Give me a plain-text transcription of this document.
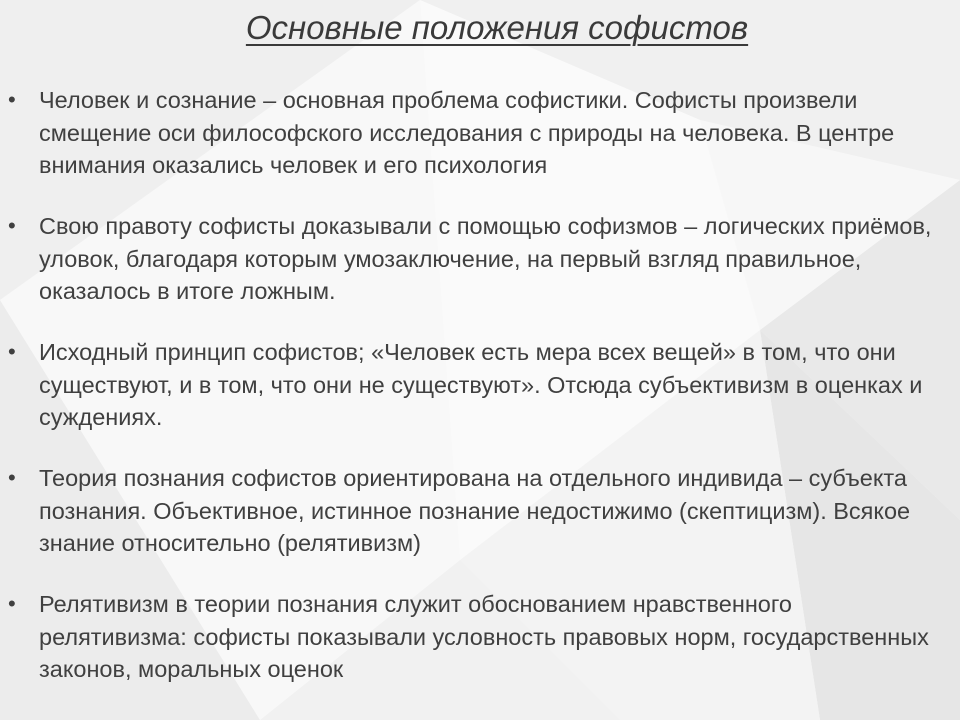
Основные положения софистов
• Человек и сознание – основная проблема софистики. Софисты произвели смещение оси философского исследования с природы на человека. В центре внимания оказались человек и его психология
• Свою правоту софисты доказывали с помощью софизмов – логических приёмов, уловок, благодаря которым умозаключение, на первый взгляд правильное, оказалось в итоге ложным.
• Исходный принцип софистов; «Человек есть мера всех вещей» в том, что они существуют, и в том, что они не существуют». Отсюда субъективизм в оценках и суждениях.
• Теория познания софистов ориентирована на отдельного индивида – субъекта познания. Объективное, истинное познание недостижимо (скептицизм). Всякое знание относительно (релятивизм)
• Релятивизм в теории познания служит обоснованием нравственного релятивизма: софисты показывали условность правовых норм, государственных законов, моральных оценок
